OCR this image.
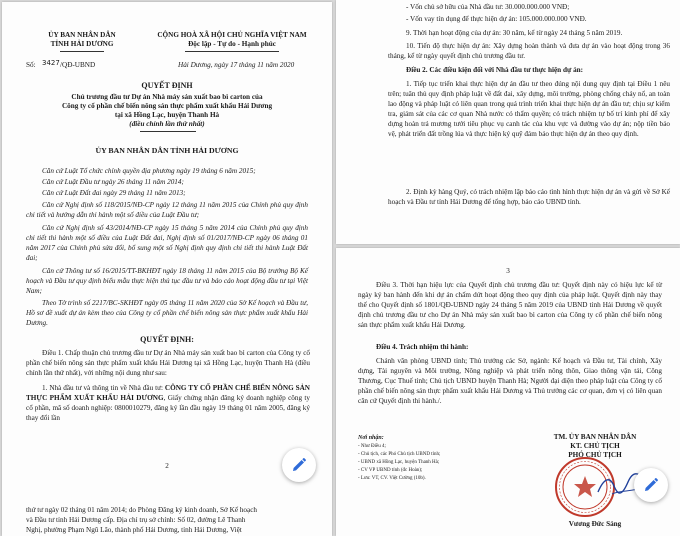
ỦY BAN NHÂN DÂN
TỈNH HẢI DƯƠNG
CỘNG HOÀ XÃ HỘI CHỦ NGHĨA VIỆT NAM
Độc lập - Tự do - Hạnh phúc
Số: 3427 /QĐ-UBND	Hải Dương, ngày 17 tháng 11 năm 2020
QUYẾT ĐỊNH
Chủ trương đầu tư Dự án Nhà máy sản xuất bao bì carton của
Công ty cổ phần chế biến nông sản thực phẩm xuất khẩu Hải Dương
tại xã Hồng Lạc, huyện Thanh Hà
(điều chỉnh lần thứ nhất)
ỦY BAN NHÂN DÂN TỈNH HẢI DƯƠNG
Căn cứ Luật Tổ chức chính quyền địa phương ngày 19 tháng 6 năm 2015;
Căn cứ Luật Đầu tư ngày 26 tháng 11 năm 2014;
Căn cứ Luật Đất đai ngày 29 tháng 11 năm 2013;
Căn cứ Nghị định số 118/2015/NĐ-CP ngày 12 tháng 11 năm 2015 của Chính phủ quy định chi tiết và hướng dẫn thi hành một số điều của Luật Đầu tư;
Căn cứ Nghị định số 43/2014/NĐ-CP ngày 15 tháng 5 năm 2014 của Chính phủ quy định chi tiết thi hành một số điều của Luật Đất đai, Nghị định số 01/2017/NĐ-CP ngày 06 tháng 01 năm 2017 của Chính phủ sửa đổi, bổ sung một số Nghị định quy định chi tiết thi hành Luật Đất đai;
Căn cứ Thông tư số 16/2015/TT-BKHĐT ngày 18 tháng 11 năm 2015 của Bộ trưởng Bộ Kế hoạch và Đầu tư quy định biểu mẫu thực hiện thủ tục đầu tư và báo cáo hoạt động đầu tư tại Việt Nam;
Theo Tờ trình số 2217/BC-SKHĐT ngày 05 tháng 11 năm 2020 của Sở Kế hoạch và Đầu tư, Hồ sơ đề xuất dự án kèm theo của Công ty cổ phần chế biến nông sản thực phẩm xuất khẩu Hải Dương.
QUYẾT ĐỊNH:
Điều 1. Chấp thuận chủ trương đầu tư Dự án Nhà máy sản xuất bao bì carton của Công ty cổ phần chế biến nông sản thực phẩm xuất khẩu Hải Dương tại xã Hồng Lạc, huyện Thanh Hà (điều chỉnh lần thứ nhất), với những nội dung như sau:
1. Nhà đầu tư và thông tin về Nhà đầu tư: CÔNG TY CỔ PHẦN CHẾ BIẾN NÔNG SẢN THỰC PHẨM XUẤT KHẨU HẢI DƯƠNG, Giấy chứng nhận đăng ký doanh nghiệp công ty cổ phần, mã số doanh nghiệp: 0800010279, đăng ký lần đầu ngày 19 tháng 01 năm 2005, đăng ký thay đổi lần
2
thứ tư ngày 02 tháng 01 năm 2014; do Phòng Đăng ký kinh doanh, Sở Kế hoạch
và Đầu tư tỉnh Hải Dương cấp. Địa chỉ trụ sở chính: Số 02, đường Lê Thanh
Nghị, phường Phạm Ngũ Lão, thành phố Hải Dương, tỉnh Hải Dương, Việt
- Vốn chủ sở hữu của Nhà đầu tư: 30.000.000.000 VNĐ;
- Vốn vay tín dụng để thực hiện dự án: 105.000.000.000 VNĐ.
9. Thời hạn hoạt động của dự án: 30 năm, kể từ ngày 24 tháng 5 năm 2019.
10. Tiến độ thực hiện dự án: Xây dựng hoàn thành và đưa dự án vào hoạt động trong 36 tháng, kể từ ngày quyết định chủ trương đầu tư.
Điều 2. Các điều kiện đối với Nhà đầu tư thực hiện dự án:
1. Tiếp tục triển khai thực hiện dự án đầu tư theo đúng nội dung quy định tại Điều 1 nêu trên; tuân thủ quy định pháp luật về đất đai, xây dựng, môi trường, phòng chống cháy nổ, an toàn lao động và pháp luật có liên quan trong quá trình triển khai thực hiện dự án đầu tư; chịu sự kiểm tra, giám sát của các cơ quan Nhà nước có thẩm quyền; có trách nhiệm tự bố trí kinh phí để xây dựng hoàn trả mương tưới tiêu phục vụ canh tác của khu vực và đường vào dự án; nộp tiền bảo vệ, phát triển đất trồng lúa và thực hiện ký quỹ đảm bảo thực hiện dự án theo quy định.
2. Định kỳ hàng Quý, có trách nhiệm lập báo cáo tình hình thực hiện dự án và gửi về Sở Kế hoạch và Đầu tư tỉnh Hải Dương để tổng hợp, báo cáo UBND tỉnh.
3
Điều 3. Thời hạn hiệu lực của Quyết định chủ trương đầu tư: Quyết định này có hiệu lực kể từ ngày ký ban hành đến khi dự án chấm dứt hoạt động theo quy định của pháp luật. Quyết định này thay thế cho Quyết định số 1801/QĐ-UBND ngày 24 tháng 5 năm 2019 của UBND tỉnh Hải Dương về quyết định chủ trương đầu tư cho Dự án Nhà máy sản xuất bao bì carton của Công ty cổ phần chế biến nông sản thực phẩm xuất khẩu Hải Dương.
Điều 4. Trách nhiệm thi hành:
Chánh văn phòng UBND tỉnh; Thủ trưởng các Sở, ngành: Kế hoạch và Đầu tư, Tài chính, Xây dựng, Tài nguyên và Môi trường, Nông nghiệp và phát triển nông thôn, Giao thông vận tải, Công Thương, Cục Thuế tỉnh; Chủ tịch UBND huyện Thanh Hà; Người đại diện theo pháp luật của Công ty cổ phần chế biến nông sản thực phẩm xuất khẩu Hải Dương và Thủ trưởng các cơ quan, đơn vị có liên quan căn cứ Quyết định thi hành./.
Nơi nhận:
- Như Điều 4;
- Chủ tịch, các Phó Chủ tịch UBND tỉnh;
- UBND xã Hồng Lạc, huyện Thanh Hà;
- CV VP UBND tỉnh (đc Hoàn);
- Lưu: VT, CV. Việt Cường (10b).
TM. ỦY BAN NHÂN DÂN
KT. CHỦ TỊCH
PHÓ CHỦ TỊCH
Vương Đức Sáng
